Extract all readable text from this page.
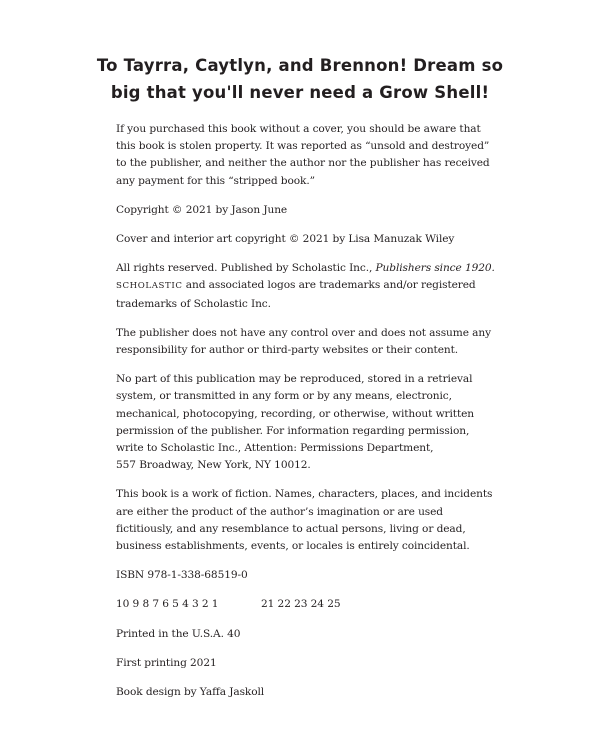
To Tayrra, Caytlyn, and Brennon! Dream so
big that you'll never need a Grow Shell!

If you purchased this book without a cover, you should be aware that
this book is stolen property. It was reported as “unsold and destroyed”
to the publisher, and neither the author nor the publisher has received
any payment for this “stripped book.”

Copyright © 2021 by Jason June

Cover and interior art copyright © 2021 by Lisa Manuzak Wiley

All rights reserved. Published by Scholastic Inc., Publishers since 1920.
SCHOLASTIC and associated logos are trademarks and/or registered
trademarks of Scholastic Inc.

The publisher does not have any control over and does not assume any
responsibility for author or third-party websites or their content.

No part of this publication may be reproduced, stored in a retrieval
system, or transmitted in any form or by any means, electronic,
mechanical, photocopying, recording, or otherwise, without written
permission of the publisher. For information regarding permission,
write to Scholastic Inc., Attention: Permissions Department,
557 Broadway, New York, NY 10012.

This book is a work of fiction. Names, characters, places, and incidents
are either the product of the author’s imagination or are used
fictitiously, and any resemblance to actual persons, living or dead,
business establishments, events, or locales is entirely coincidental.

ISBN 978-1-338-68519-0

10 9 8 7 6 5 4 3 2 1	21 22 23 24 25

Printed in the U.S.A. 40

First printing 2021

Book design by Yaffa Jaskoll
